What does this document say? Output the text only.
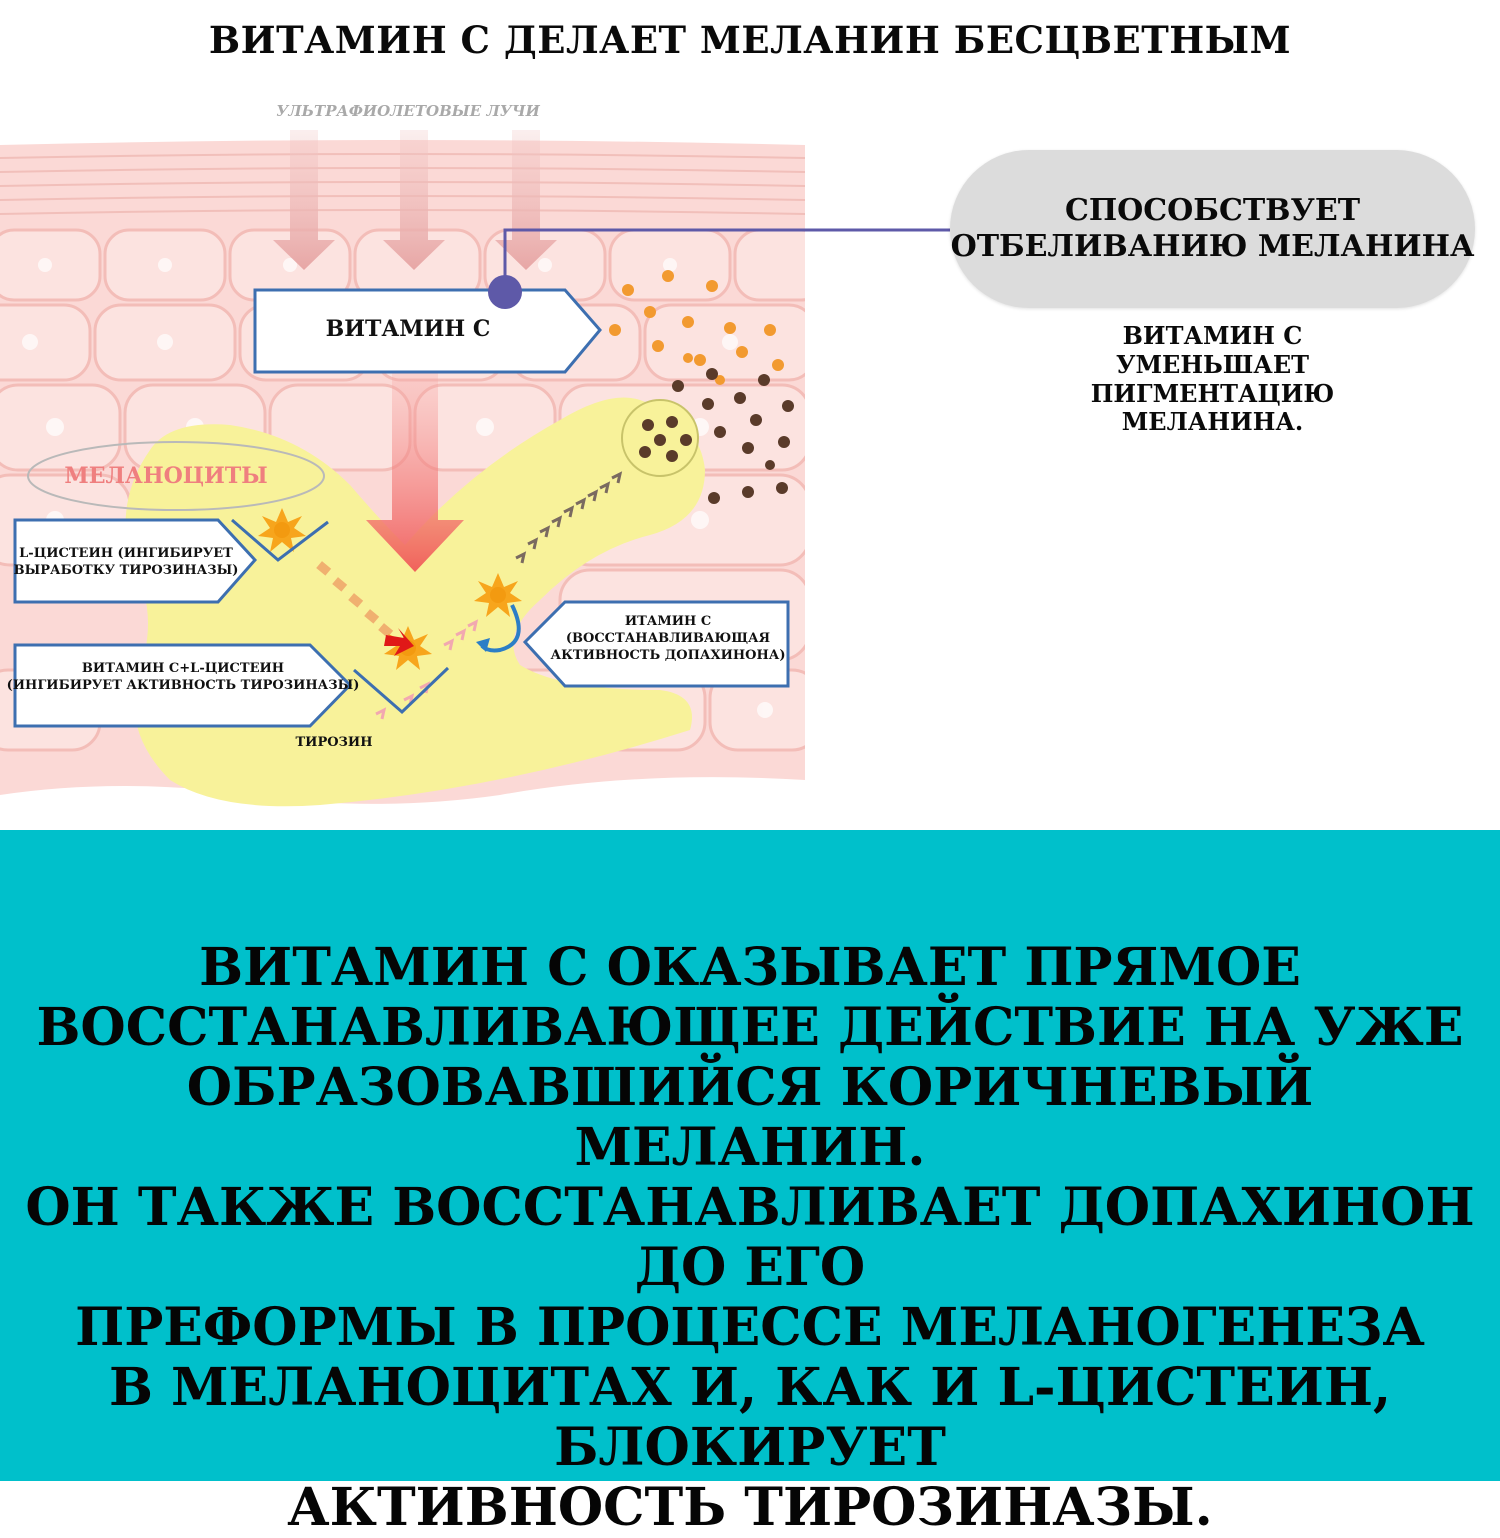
ВИТАМИН С ДЕЛАЕТ МЕЛАНИН БЕСЦВЕТНЫМ
МЕЛАНОЦИТЫ
УЛЬТРАФИОЛЕТОВЫЕ ЛУЧИ
ВИТАМИН С
L-ЦИСТЕИН (ИНГИБИРУЕТ
ВЫРАБОТКУ ТИРОЗИНАЗЫ)
ВИТАМИН С+L-ЦИСТЕИН
(ИНГИБИРУЕТ АКТИВНОСТЬ ТИРОЗИНАЗЫ)
ИТАМИН С
(ВОССТАНАВЛИВАЮЩАЯ
АКТИВНОСТЬ ДОПАХИНОНА)
ТИРОЗИН
СПОСОБСТВУЕТ
ОТБЕЛИВАНИЮ МЕЛАНИНА
ВИТАМИН С
УМЕНЬШАЕТ ПИГМЕНТАЦИЮ
МЕЛАНИНА.
ВИТАМИН С ОКАЗЫВАЕТ ПРЯМОЕ
ВОССТАНАВЛИВАЮЩЕЕ ДЕЙСТВИЕ НА УЖЕ
ОБРАЗОВАВШИЙСЯ КОРИЧНЕВЫЙ МЕЛАНИН.
ОН ТАКЖЕ ВОССТАНАВЛИВАЕТ ДОПАХИНОН ДО ЕГО
ПРЕФОРМЫ В ПРОЦЕССЕ МЕЛАНОГЕНЕЗА
В МЕЛАНОЦИТАХ И, КАК И L-ЦИСТЕИН, БЛОКИРУЕТ
АКТИВНОСТЬ ТИРОЗИНАЗЫ.
